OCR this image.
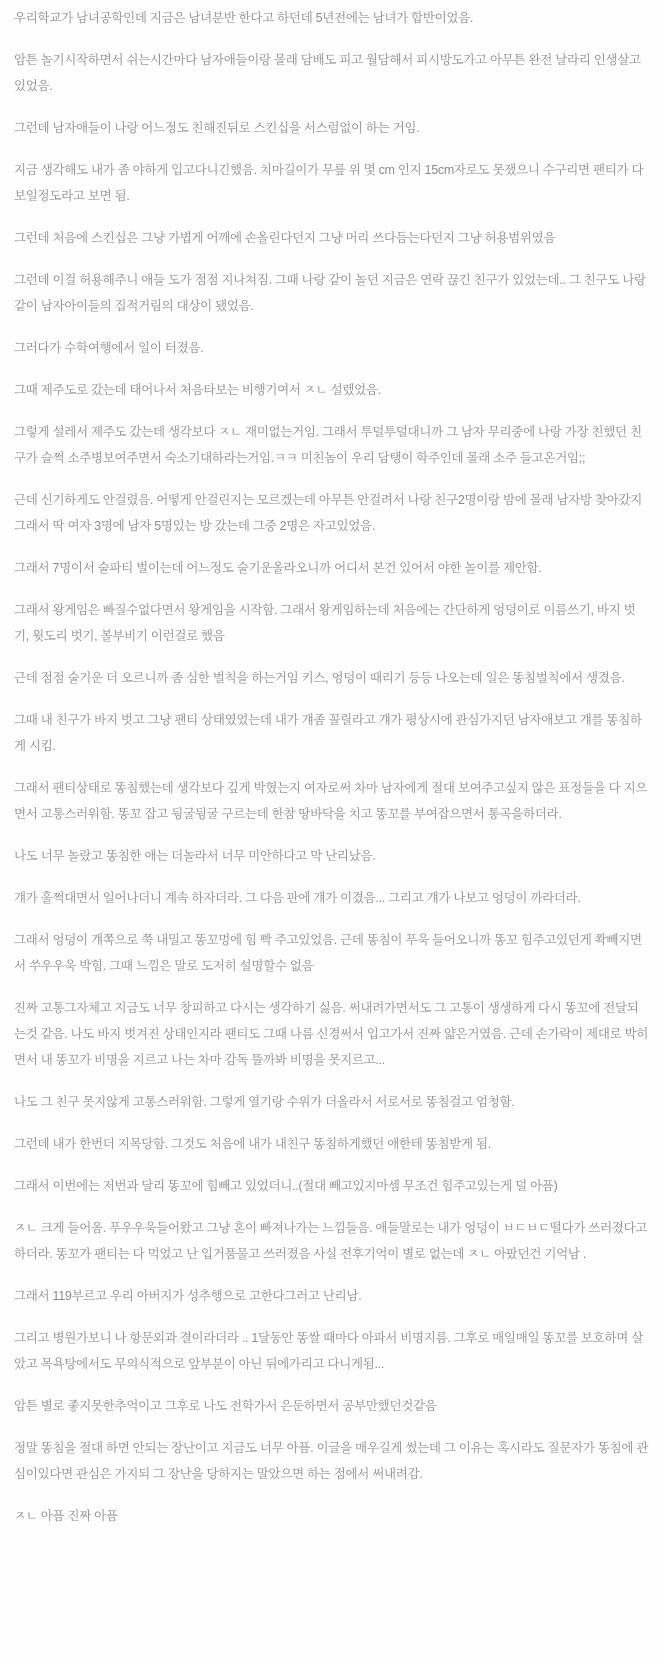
우리학교가 남녀공학인데 지금은 남녀분반 한다고 하던데 5년전에는 남녀가 합반이었음.

암튼 놀기시작하면서 쉬는시간마다 남자애들이랑 몰래 담배도 피고 월담해서 피시방도가고 아무튼 완전 날라리 인생살고 있었음.

그런데 남자애들이 나랑 어느정도 친해진뒤로 스킨십을 서스럼없이 하는 거임.

지금 생각해도 내가 좀 야하게 입고다니긴했음. 치마길이가 무릎 위 몇 cm 인지 15cm자로도 못쟀으니 수구리면 팬티가 다 보일정도라고 보면 됨.

그런데 처음에 스킨십은 그냥 가볍게 어깨에 손올린다던지 그냥 머리 쓰다듬는다던지 그냥 허용범위였음

그런데 이걸 허용해주니 애들 도가 점점 지나쳐짐. 그때 나랑 같이 놀던 지금은 연락 끊긴 친구가 있었는데.. 그 친구도 나랑 같이 남자아이들의 집적거림의 대상이 됐었음.

그러다가 수학여행에서 일이 터졌음.

그때 제주도로 갔는데 태어나서 처음타보는 비행기여서 ㅈㄴ 설렜었음.

그렇게 설레서 제주도 갔는데 생각보다 ㅈㄴ 재미없는거임. 그래서 투덜투덜대니까 그 남자 무리중에 나랑 가장 친했던 친구가 슬쩍 소주병보여주면서 숙소기대하라는거임.ㅋㅋ 미친놈이 우리 담탱이 학주인데 몰래 소주 들고온거임;;

근데 신기하게도 안걸렸음. 어떻게 안걸린지는 모르겠는데 아무튼 안걸려서 나랑 친구2명이랑 밤에 몰래 남자방 찾아갔지 그래서 딱 여자 3명에 남자 5명있는 방 갔는데 그중 2명은 자고있었음.

그래서 7명이서 술파티 벌이는데 어느정도 술기운올라오니까 어디서 본건 있어서 야한 놀이를 제안함.

그래서 왕게임은 빠질수없다면서 왕게임을 시작함. 그래서 왕게임하는데 처음에는 간단하게 엉덩이로 이름쓰기, 바지 벗기, 윗도리 벗기, 볼부비기 이런걸로 했음

근데 점점 술기운 더 오르니까 좀 심한 벌칙을 하는거임 키스, 엉덩이 때리기 등등 나오는데 일은 똥침벌칙에서 생겼음.

그때 내 친구가 바지 벗고 그냥 팬티 상태였었는데 내가 걔좀 꼴릴라고 걔가 평상시에 관심가지던 남자애보고 걔를 똥침하게 시킴.

그래서 팬티상태로 똥침했는데 생각보다 깊게 박혔는지 여자로써 차마 남자에게 절대 보여주고싶지 않은 표정들을 다 지으면서 고통스러워함. 똥꼬 잡고 뒹굴뒹굴 구르는데 한참 땅바닥을 치고 똥꼬를 부여잡으면서 통곡을하더라.

나도 너무 놀랐고 똥침한 애는 더놀라서 너무 미안하다고 막 난리났음.

걔가 훌쩍대면서 일어나더니 계속 하자더라. 그 다음 판에 걔가 이겼음... 그리고 걔가 나보고 엉덩이 까라더라.

그래서 엉덩이 걔쪽으로 쭉 내밀고 똥꼬멍에 힘 빡 주고있었음. 근데 똥침이 푸욱 들어오니까 똥꼬 힘주고있던게 쫙빼지면서 쑤우우욱 박힘. 그때 느낌은 말로 도저히 설명할수 없음

진짜 고통그자체고 지금도 너무 창피하고 다시는 생각하기 싫음. 써내려가면서도 그 고통이 생생하게 다시 똥꼬에 전달되는것 같음. 나도 바지 벗겨진 상태인지라 팬티도 그때 나름 신경써서 입고가서 진짜 얇은거였음. 근데 손가락이 제대로 박히면서 내 똥꼬가 비명을 지르고 나는 차마 감독 뜰까봐 비명을 못지르고...

나도 그 친구 못지않게 고통스러워함. 그렇게 열기랑 수위가 더올라서 서로서로 똥침걸고 엄청함.

그런데 내가 한번더 지목당함. 그것도 처음에 내가 내친구 똥침하게했던 애한테 똥침받게 됨.

그래서 이번에는 저번과 달리 똥꼬에 힘빼고 있었더니..(절대 빼고있지마셈 무조건 힘주고있는게 덜 아픔)

ㅈㄴ 크게 들어옴. 푸우우욱들어왔고 그냥 혼이 빠져나가는 느낌들음. 애들말로는 내가 엉덩이 ㅂㄷㅂㄷ떨다가 쓰러졌다고하더라. 똥꼬가 팬티는 다 먹었고 난 입거품물고 쓰러졌음 사실 전후기억이 별로 없는데 ㅈㄴ 아팠던건 기억남 .

그래서 119부르고 우리 아버지가 성추행으로 고한다그러고 난리남.

그리고 병원가보니 나 항문외과 결이라더라 .. 1달동안 똥쌀 때마다 아파서 비명지름. 그후로 매일매일 똥꼬를 보호하며 살았고 목욕탕에서도 무의식적으로 앞부분이 아닌 뒤에가리고 다니게됨...

암튼 별로 좋지못한추억이고 그후로 나도 전학가서 은둔하면서 공부만했던것같음

정말 똥침을 절대 하면 안되는 장난이고 지금도 너무 아픔. 이글을 매우길게 썼는데 그 이유는 혹시라도 질문자가 똥침에 관심이있다면 관심은 가지되 그 장난을 당하지는 말았으면 하는 점에서 써내려감.

ㅈㄴ 아픔 진짜 아픔
